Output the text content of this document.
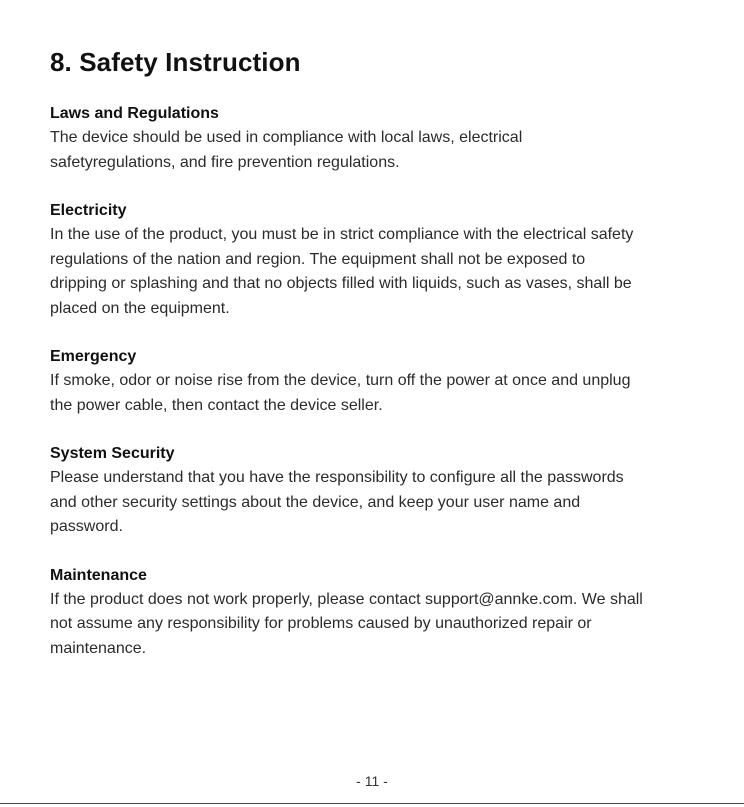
8. Safety Instruction

Laws and Regulations

The device should be used in compliance with local laws, electrical
safetyregulations, and fire prevention regulations.

Electricity

In the use of the product, you must be in strict compliance with the electrical safety
regulations of the nation and region. The equipment shall not be exposed to
dripping or splashing and that no objects filled with liquids, such as vases, shall be
placed on the equipment.

Emergency

If smoke, odor or noise rise from the device, turn off the power at once and unplug
the power cable, then contact the device seller.

System Security

Please understand that you have the responsibility to configure all the passwords
and other security settings about the device, and keep your user name and
password.

Maintenance

If the product does not work properly, please contact support@annke.com. We shall
not assume any responsibility for problems caused by unauthorized repair or
maintenance.

- 11 -
